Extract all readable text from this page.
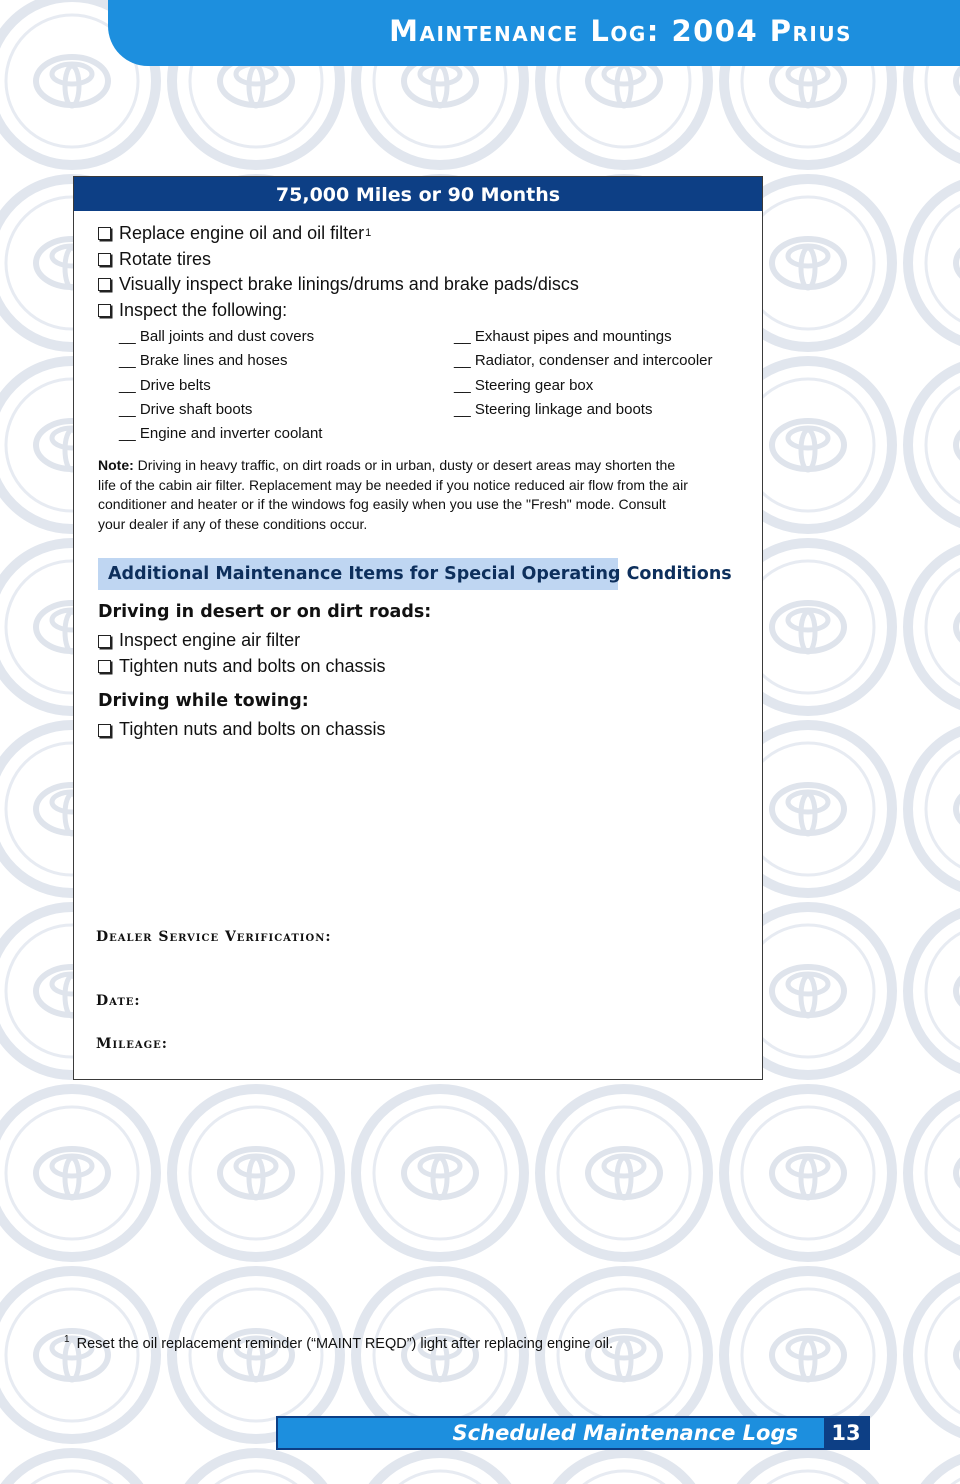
Maintenance Log: 2004 Prius
75,000 Miles or 90 Months
Replace engine oil and oil filter 1
Rotate tires
Visually inspect brake linings/drums and brake pads/discs
Inspect the following:
__ Ball joints and dust covers
__ Brake lines and hoses
__ Drive belts
__ Drive shaft boots
__ Engine and inverter coolant
__ Exhaust pipes and mountings
__ Radiator, condenser and intercooler
__ Steering gear box
__ Steering linkage and boots
Note: Driving in heavy traffic, on dirt roads or in urban, dusty or desert areas may shorten the life of the cabin air filter. Replacement may be needed if you notice reduced air flow from the air conditioner and heater or if the windows fog easily when you use the "Fresh" mode. Consult your dealer if any of these conditions occur.
Additional Maintenance Items for Special Operating Conditions
Driving in desert or on dirt roads:
Inspect engine air filter
Tighten nuts and bolts on chassis
Driving while towing:
Tighten nuts and bolts on chassis
Dealer Service Verification:
Date:
Mileage:
$^1$ Reset the oil replacement reminder (“MAINT REQD”) light after replacing engine oil.
Scheduled Maintenance Logs	13
